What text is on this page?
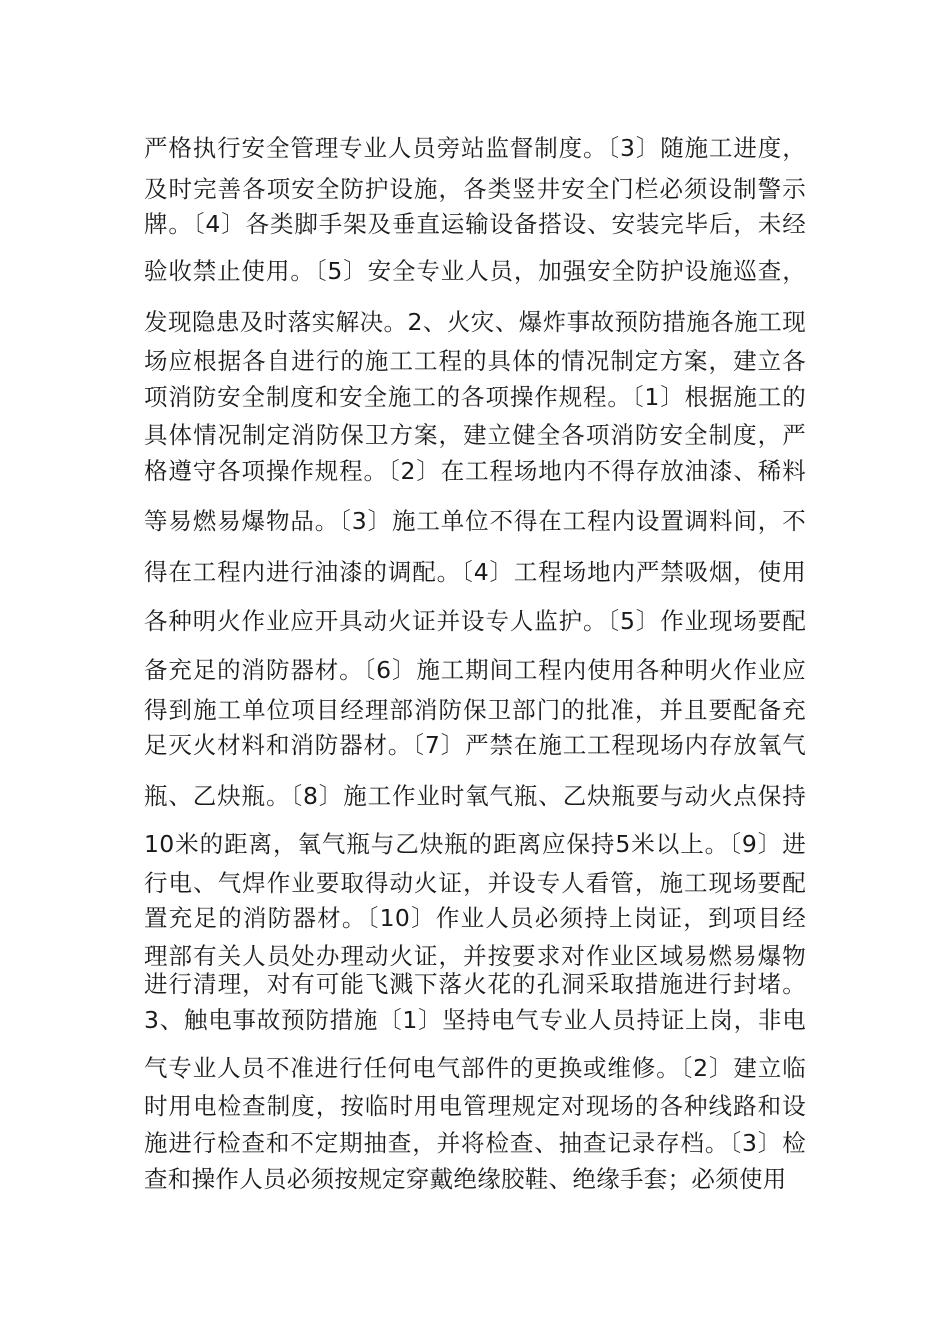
严格执行安全管理专业人员旁站监督制度。〔3〕随施工进度，

及时完善各项安全防护设施，各类竖井安全门栏必须设制警示

牌。〔4〕各类脚手架及垂直运输设备搭设、安装完毕后，未经

验收禁止使用。〔5〕安全专业人员，加强安全防护设施巡查，

发现隐患及时落实解决。2、火灾、爆炸事故预防措施各施工现

场应根据各自进行的施工工程的具体的情况制定方案，建立各

项消防安全制度和安全施工的各项操作规程。〔1〕根据施工的

具体情况制定消防保卫方案，建立健全各项消防安全制度，严

格遵守各项操作规程。〔2〕在工程场地内不得存放油漆、稀料

等易燃易爆物品。〔3〕施工单位不得在工程内设置调料间，不

得在工程内进行油漆的调配。〔4〕工程场地内严禁吸烟，使用

各种明火作业应开具动火证并设专人监护。〔5〕作业现场要配

备充足的消防器材。〔6〕施工期间工程内使用各种明火作业应

得到施工单位项目经理部消防保卫部门的批准，并且要配备充

足灭火材料和消防器材。〔7〕严禁在施工工程现场内存放氧气

瓶、乙炔瓶。〔8〕施工作业时氧气瓶、乙炔瓶要与动火点保持

10米的距离，氧气瓶与乙炔瓶的距离应保持5米以上。〔9〕进

行电、气焊作业要取得动火证，并设专人看管，施工现场要配

置充足的消防器材。〔10〕作业人员必须持上岗证，到项目经

理部有关人员处办理动火证，并按要求对作业区域易燃易爆物

进行清理，对有可能飞溅下落火花的孔洞采取措施进行封堵。

3、触电事故预防措施〔1〕坚持电气专业人员持证上岗，非电

气专业人员不准进行任何电气部件的更换或维修。〔2〕建立临

时用电检查制度，按临时用电管理规定对现场的各种线路和设

施进行检查和不定期抽查，并将检查、抽查记录存档。〔3〕检

查和操作人员必须按规定穿戴绝缘胶鞋、绝缘手套；必须使用
